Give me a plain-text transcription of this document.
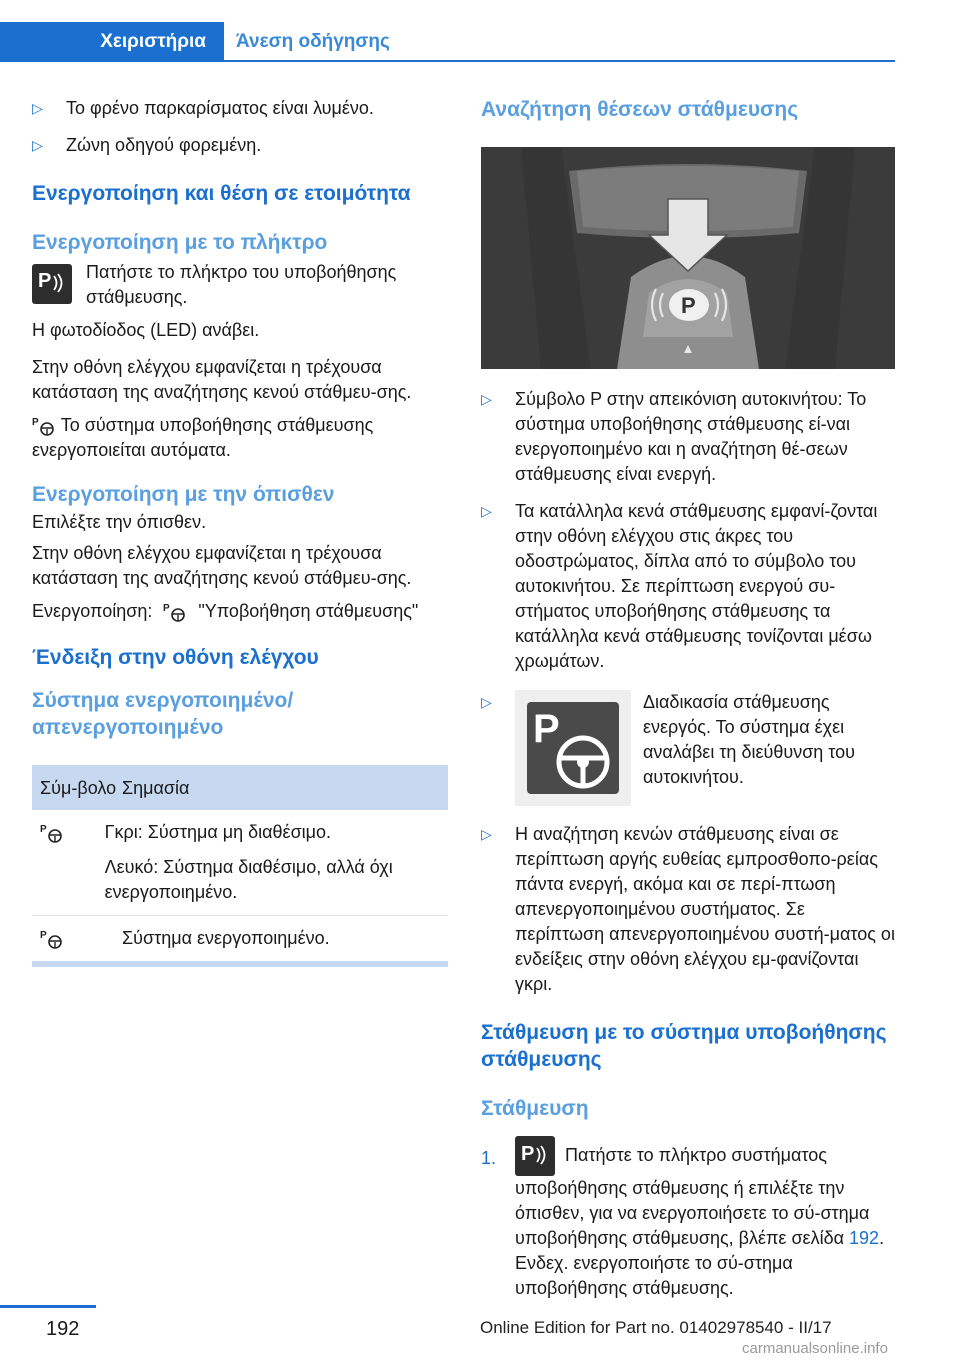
Χειριστήρια	Άνεση οδήγησης
▷ Το φρένο παρκαρίσματος είναι λυμένο.
▷ Ζώνη οδηγού φορεμένη.
Ενεργοποίηση και θέση σε ετοιμότητα
Ενεργοποίηση με το πλήκτρο
P Πατήστε το πλήκτρο του υποβοήθησης στάθμευσης.
Η φωτοδίοδος (LED) ανάβει.
Στην οθόνη ελέγχου εμφανίζεται η τρέχουσα κατάσταση της αναζήτησης κενού στάθμευ-σης.
P Το σύστημα υποβοήθησης στάθμευσης ενεργοποιείται αυτόματα.
Ενεργοποίηση με την όπισθεν
Επιλέξτε την όπισθεν.
Στην οθόνη ελέγχου εμφανίζεται η τρέχουσα κατάσταση της αναζήτησης κενού στάθμευ-σης.
Ενεργοποίηση: P "Υποβοήθηση στάθμευσης"
Ένδειξη στην οθόνη ελέγχου
Σύστημα ενεργοποιημένο/ απενεργοποιημένο
Σύμ-βολο Σημασία
P	Γκρι: Σύστημα μη διαθέσιμο.
Λευκό: Σύστημα διαθέσιμο, αλλά όχι ενεργοποιημένο.
P	Σύστημα ενεργοποιημένο.
Αναζήτηση θέσεων στάθμευσης
P
▷ Σύμβολο P στην απεικόνιση αυτοκινήτου: Το σύστημα υποβοήθησης στάθμευσης εί-ναι ενεργοποιημένο και η αναζήτηση θέ-σεων στάθμευσης είναι ενεργή.
▷ Τα κατάλληλα κενά στάθμευσης εμφανί-ζονται στην οθόνη ελέγχου στις άκρες του οδοστρώματος, δίπλα από το σύμβολο του αυτοκινήτου. Σε περίπτωση ενεργού συ-στήματος υποβοήθησης στάθμευσης τα κατάλληλα κενά στάθμευσης τονίζονται μέσω χρωμάτων.
▷
P
Διαδικασία στάθμευσης ενεργός. Το σύστημα έχει αναλάβει τη διεύθυνση του αυτοκινήτου.
▷ Η αναζήτηση κενών στάθμευσης είναι σε περίπτωση αργής ευθείας εμπροσθοπο-ρείας πάντα ενεργή, ακόμα και σε περί-πτωση απενεργοποιημένου συστήματος. Σε περίπτωση απενεργοποιημένου συστή-ματος οι ενδείξεις στην οθόνη ελέγχου εμ-φανίζονται γκρι.
Στάθμευση με το σύστημα υποβοήθησης στάθμευσης
Στάθμευση
1. P Πατήστε το πλήκτρο συστήματος υποβοήθησης στάθμευσης ή επιλέξτε την όπισθεν, για να ενεργοποιήσετε το σύ-στημα υποβοήθησης στάθμευσης, βλέπε σελίδα 192. Ενδεχ. ενεργοποιήστε το σύ-στημα υποβοήθησης στάθμευσης.
192	Online Edition for Part no. 01402978540 - II/17
carmanualsonline.info
